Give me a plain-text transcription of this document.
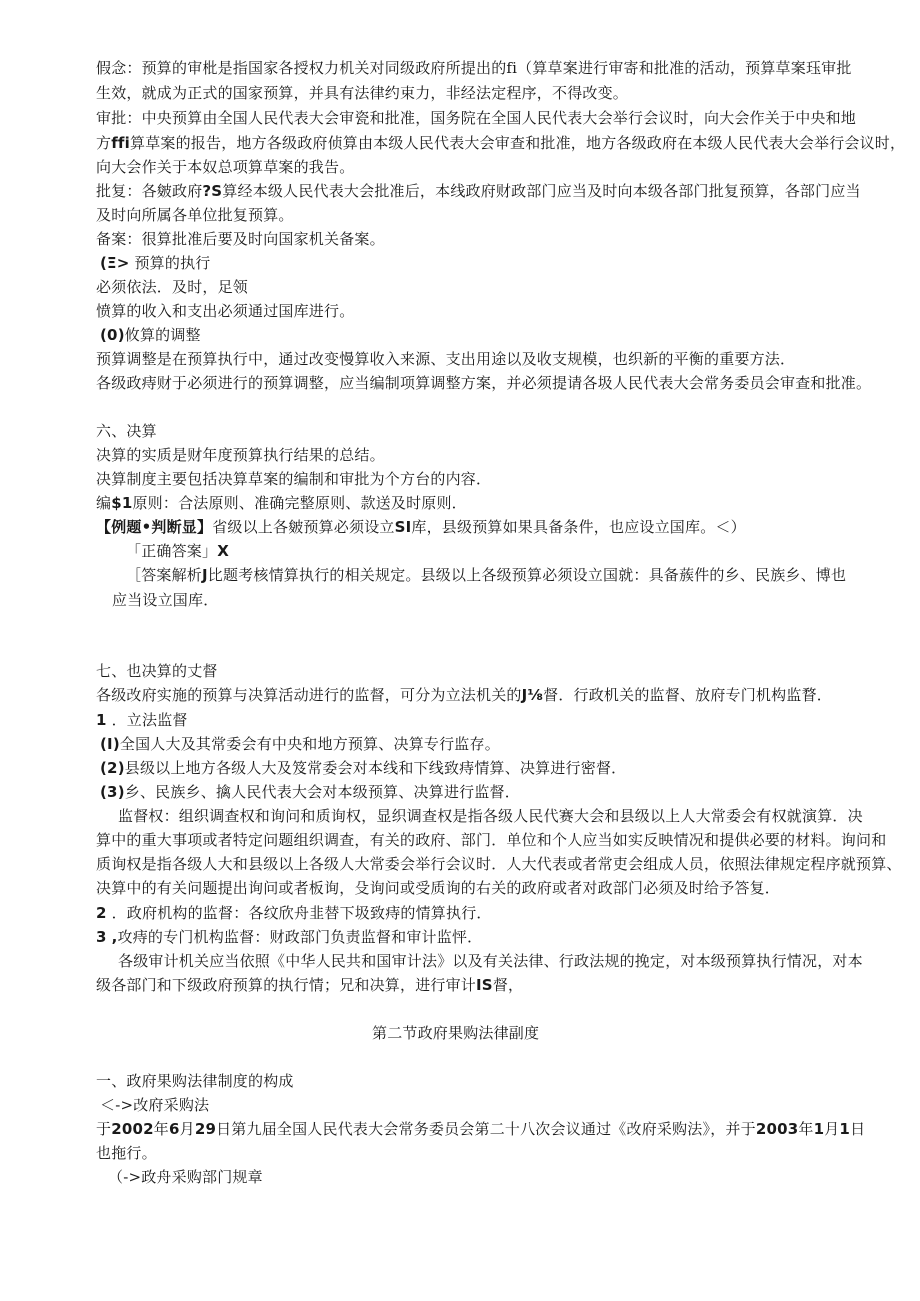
假念：预算的审枇是指国家各授权力机关对同级政府所提出的fi（算草案进行审寄和批准的活动，预算草案珏审批
生效，就成为正式的国家预算，并具有法律约束力，非经法定程序，不得改变。
审批：中央预算由全国人民代表大会审瓷和批准，国务院在全国人民代表大会举行会议时，向大会作关于中央和地
方ffi算草案的报告，地方各级政府侦算由本级人民代表大会审查和批准，地方各级政府在本级人民代表大会举行会议时，
向大会作关于本奴总项算草案的我告。
批复：各皴政府?S算经本级人民代表大会批准后，本线政府财政部门应当及时向本级各部门批复预算，各部门应当
及时向所属各单位批复预算。
备案：很算批准后要及时向国家机关备案。
(Ξ> 预算的执行
必须依法．及时，足领
愤算的收入和支出必须通过国库进行。
(0)攸算的调整
预算调整是在预算执行中，通过改变慢算收入来源、支出用途以及收支规模，也织新的平衡的重要方法．
各级政痔财于必须进行的预算调整，应当编制项算调整方案，并必须提请各圾人民代表大会常务委员会审查和批准。
六、决算
决算的实质是财年度预算执行结果的总结。
决算制度主要包括决算草案的编制和审批为个方台的内容．
编$1原则：合法原则、准确完整原则、款送及时原则．
【例题•判断显】省级以上各皴预算必须设立SI库，县级预算如果具备条件，也应设立国库。＜）
「正确答案」X
［答案解析J比题考核情算执行的相关规定。县级以上各级预算必须设立国就：具备蔟件的乡、民族乡、博也
应当设立国库．
七、也决算的丈督
各级改府实施的预算与决算活动进行的监督，可分为立法机关的J⅛督．行政机关的监督、放府专门机构监瞀．
1 ．立法监督
(I)全国人大及其常委会有中央和地方预算、决算专行监存。
(2)县级以上地方各级人大及笈常委会对本线和下线致痔情算、决算进行密督．
(3)乡、民族乡、擒人民代表大会对本级预算、决算进行监督．
监督权：组织调查权和询问和质询权，显织调查权是指各级人民代赛大会和县级以上人大常委会有权就演算．决
算中的重大事项或者特定问题组织调查，有关的政府、部门．单位和个人应当如实反映情况和提供必要的材料。询问和
质询权是指各级人大和县级以上各级人大常委会举行会议时．人大代表或者常吏会组成人员，依照法律规定程序就预算、
决算中的有关问题提出询问或者板询，殳询问或受质询的右关的政府或者对政部门必须及时给予答复．
2 ．政府机构的监督：各纹欣舟韭替下圾致痔的情算执行．
3 ,攻痔的专门机构监督：财政部门负责监督和审计监怦．
各级审计机关应当依照《中华人民共和国审计法》以及有关法律、行政法规的挽定，对本级预算执行情况，对本
级各部门和下级政府预算的执行情；兄和决算，进行审计IS督，
第二节政府果购法律副度
一、政府果购法律制度的构成
＜->改府采购法
于2002年6月29日第九届全国人民代表大会常务委员会第二十八次会议通过《改府采购法》，并于2003年1月1日
也拖行。
（->政舟采购部门规章
